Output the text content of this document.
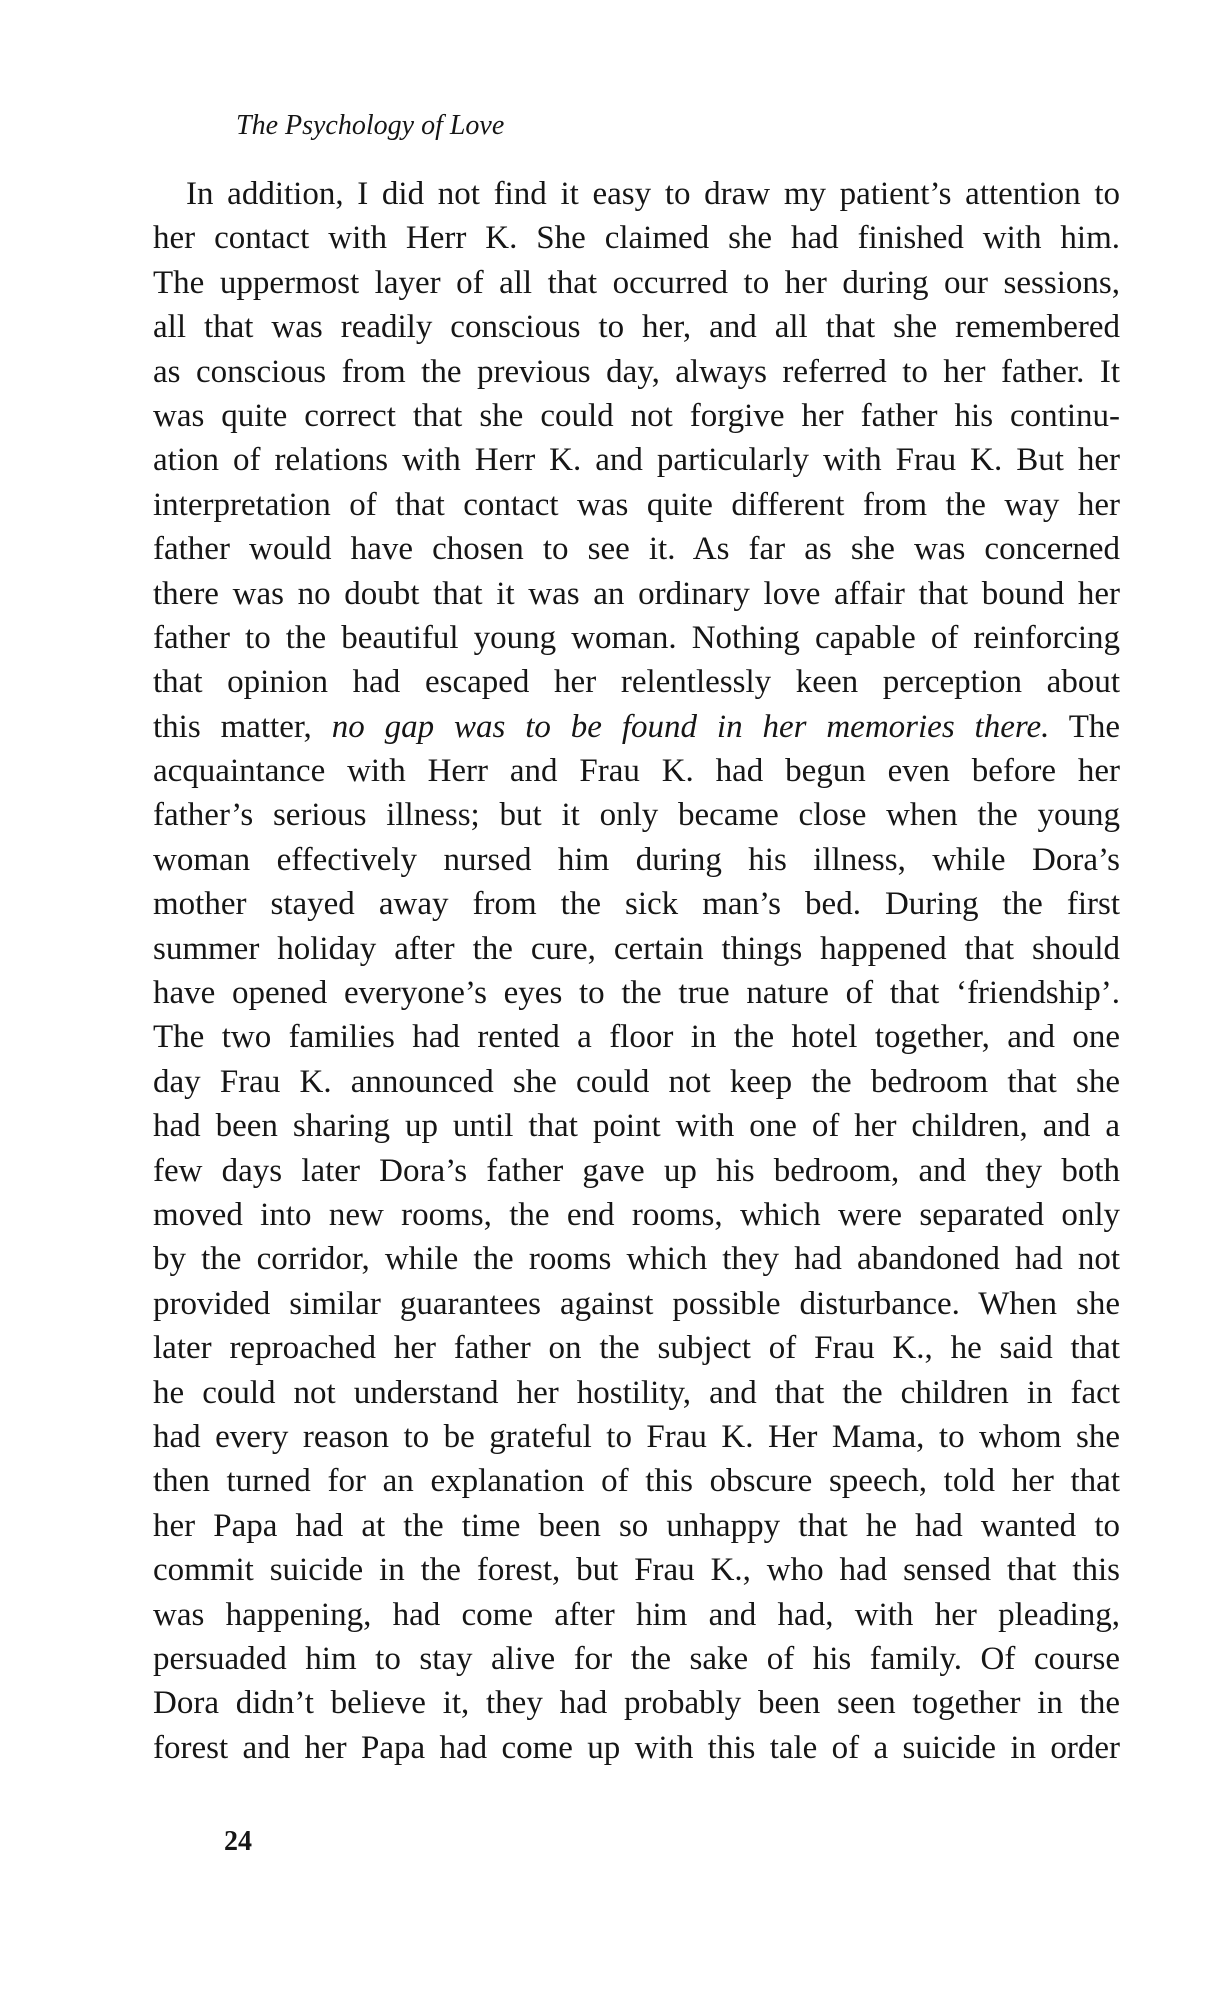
The Psychology of Love
In addition, I did not find it easy to draw my patient’s attention to
her contact with Herr K. She claimed she had finished with him.
The uppermost layer of all that occurred to her during our sessions,
all that was readily conscious to her, and all that she remembered
as conscious from the previous day, always referred to her father. It
was quite correct that she could not forgive her father his continu-
ation of relations with Herr K. and particularly with Frau K. But her
interpretation of that contact was quite different from the way her
father would have chosen to see it. As far as she was concerned
there was no doubt that it was an ordinary love affair that bound her
father to the beautiful young woman. Nothing capable of reinforcing
that opinion had escaped her relentlessly keen perception about
this matter, no gap was to be found in her memories there. The
acquaintance with Herr and Frau K. had begun even before her
father’s serious illness; but it only became close when the young
woman effectively nursed him during his illness, while Dora’s
mother stayed away from the sick man’s bed. During the first
summer holiday after the cure, certain things happened that should
have opened everyone’s eyes to the true nature of that ‘friendship’.
The two families had rented a floor in the hotel together, and one
day Frau K. announced she could not keep the bedroom that she
had been sharing up until that point with one of her children, and a
few days later Dora’s father gave up his bedroom, and they both
moved into new rooms, the end rooms, which were separated only
by the corridor, while the rooms which they had abandoned had not
provided similar guarantees against possible disturbance. When she
later reproached her father on the subject of Frau K., he said that
he could not understand her hostility, and that the children in fact
had every reason to be grateful to Frau K. Her Mama, to whom she
then turned for an explanation of this obscure speech, told her that
her Papa had at the time been so unhappy that he had wanted to
commit suicide in the forest, but Frau K., who had sensed that this
was happening, had come after him and had, with her pleading,
persuaded him to stay alive for the sake of his family. Of course
Dora didn’t believe it, they had probably been seen together in the
forest and her Papa had come up with this tale of a suicide in order
24
